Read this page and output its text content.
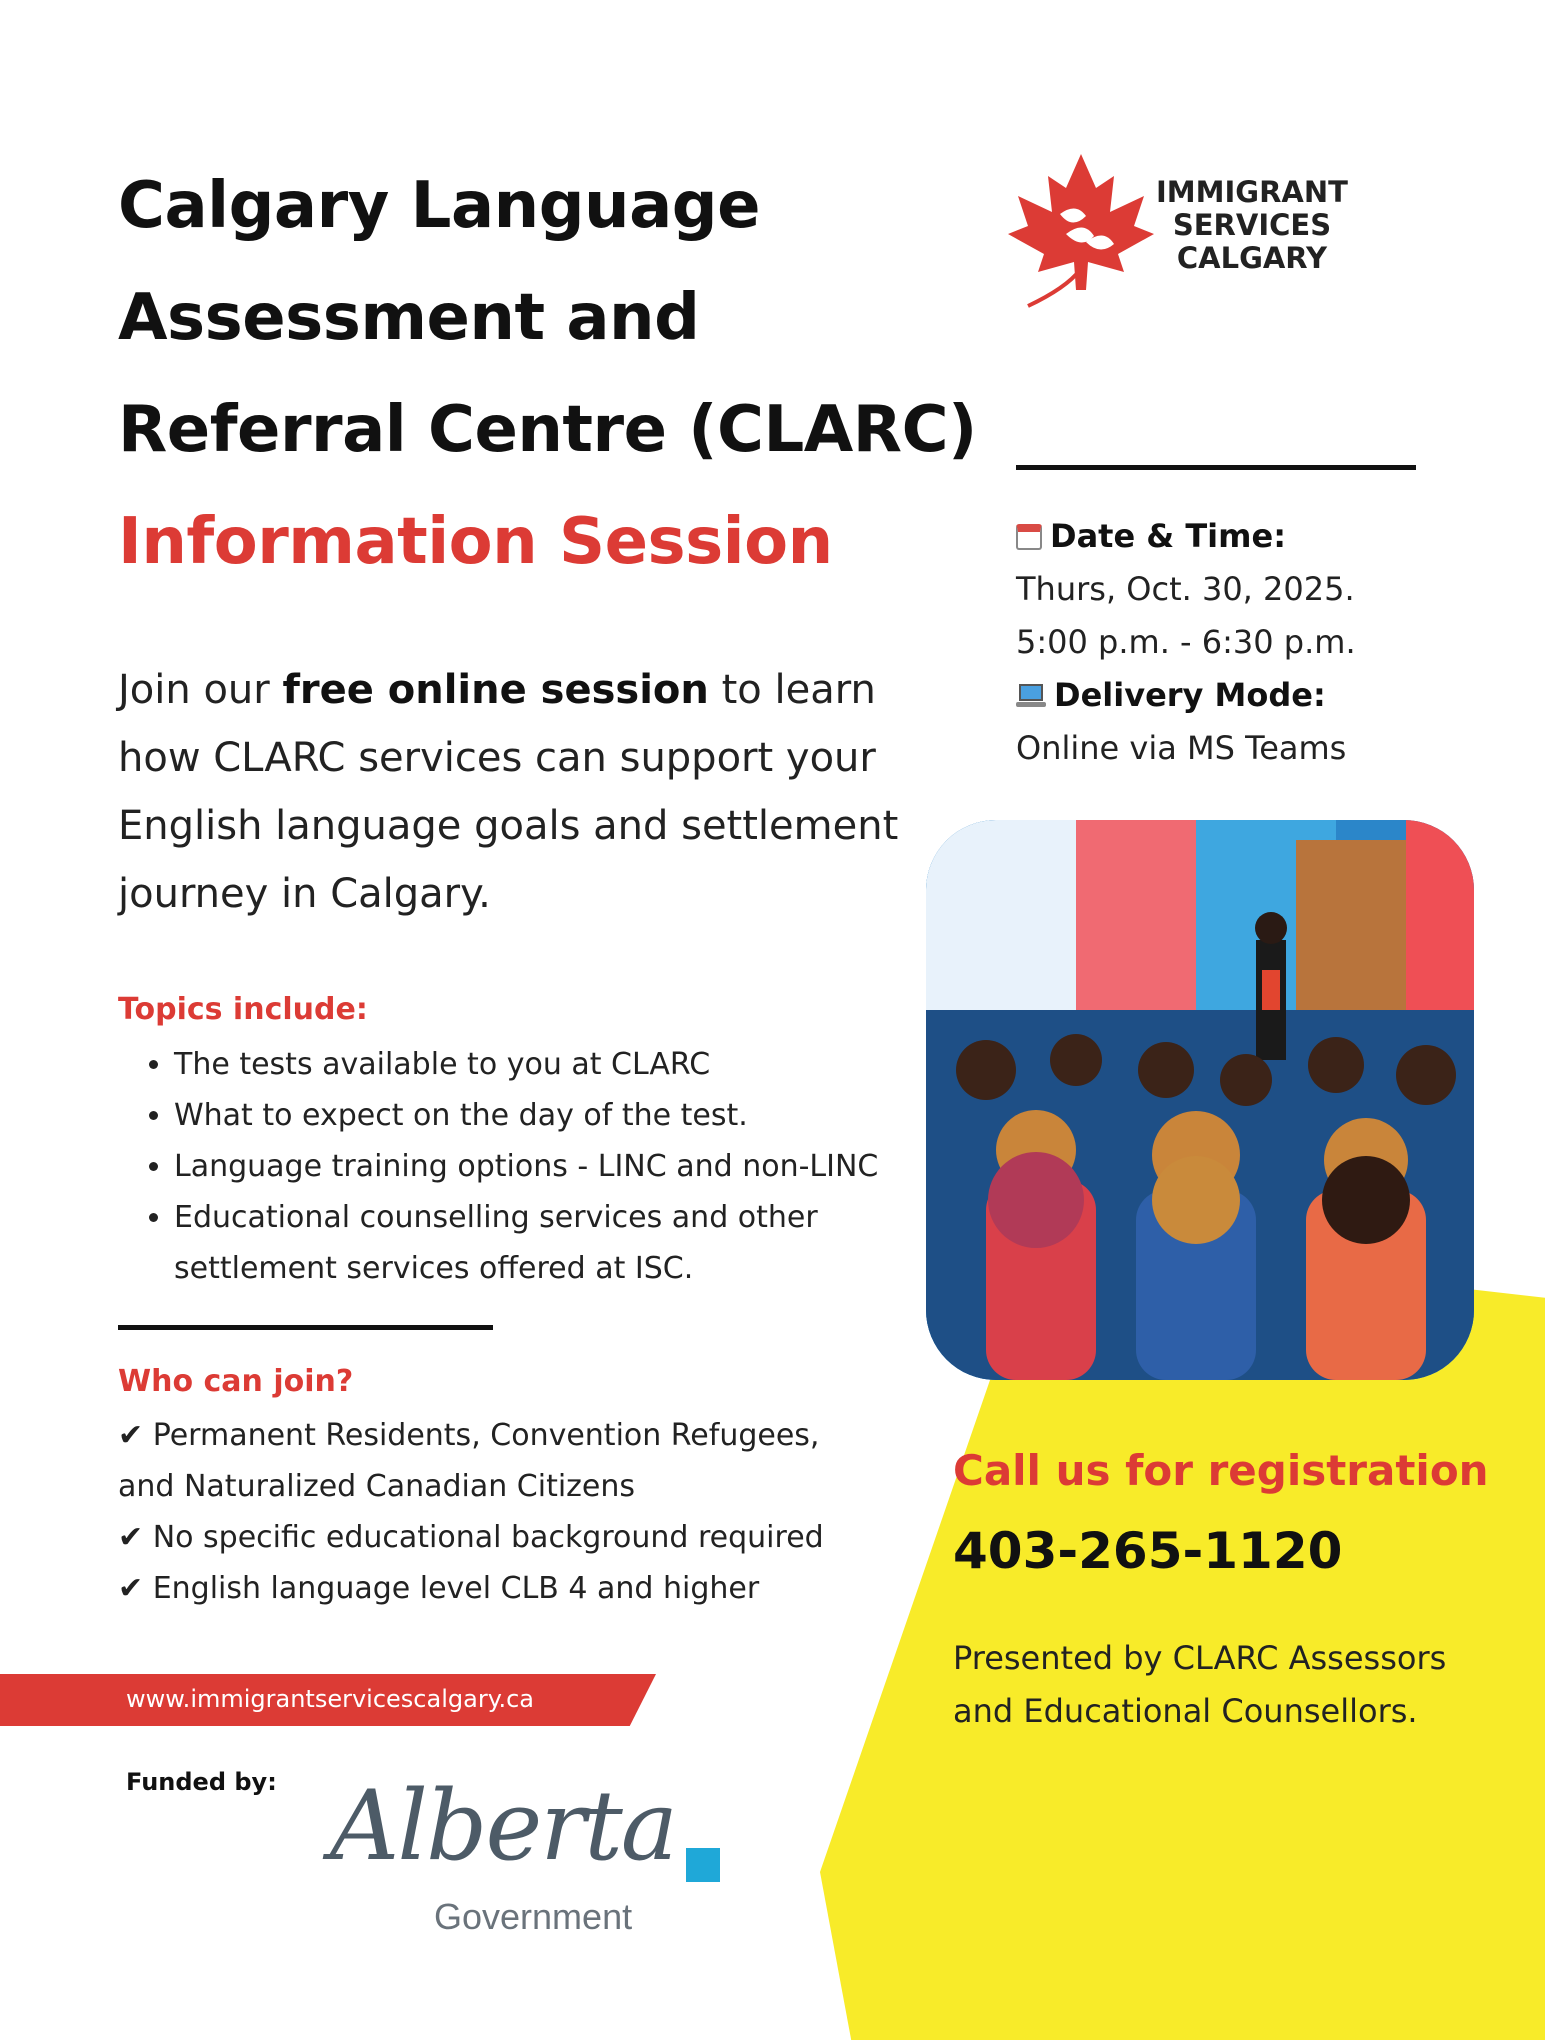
Calgary Language
Assessment and
Referral Centre (CLARC)
Information Session
IMMIGRANT
SERVICES
CALGARY
Date & Time:
Thurs, Oct. 30, 2025.
5:00 p.m. - 6:30 p.m.
Delivery Mode:
Online via MS Teams
Join our free online session to learn how CLARC services can support your English language goals and settlement journey in Calgary.
Topics include:
• The tests available to you at CLARC
• What to expect on the day of the test.
• Language training options - LINC and non-LINC
• Educational counselling services and other settlement services offered at ISC.
Who can join?
✔ Permanent Residents, Convention Refugees, and Naturalized Canadian Citizens
✔ No specific educational background required
✔ English language level CLB 4 and higher
Call us for registration
403-265-1120
Presented by CLARC Assessors and Educational Counsellors.
www.immigrantservicescalgary.ca
Funded by: Alberta
Government
